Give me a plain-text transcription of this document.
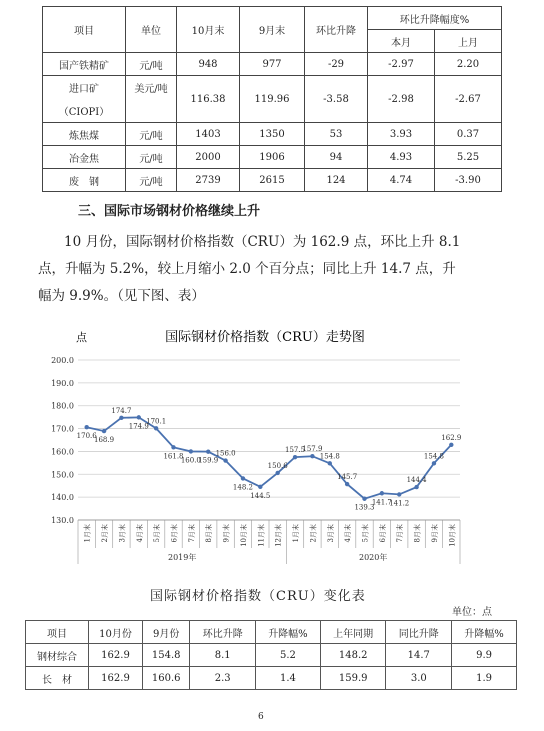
项目	单位	10月末	9月末	环比升降	环比升降幅度%	
					本月	上月
国产铁精矿	元/吨	948	977	-29	-2.97	2.20

进口矿
（CIOPI）	美元/吨	116.38	119.96	-3.58	-2.98	-2.67
炼焦煤	元/吨	1403	1350	53	3.93	0.37
冶金焦	元/吨	2000	1906	94	4.93	5.25
废　钢	元/吨	2739	2615	124	4.74	-3.90
三、国际市场钢材价格继续上升

10 月份，国际钢材价格指数（CRU）为 162.9 点，环比上升 8.1

点，升幅为 5.2%，较上月缩小 2.0 个百分点；同比上升 14.7 点，升

幅为 9.9%。（见下图、表）

国际钢材价格指数（CRU）走势图
点
200.0
190.0
180.0
170.0
160.0
150.0
140.0
130.0
1月末 2月末 3月末 4月末 5月末 6月末 7月末 8月末 9月末 10月末 11月末 12月末 1月末 2月末 3月末 4月末 5月末 6月末 7月末 8月末 9月末 10月末
2019年	2020年
170.6
168.9
174.7
174.9
170.1
161.8
160.0
159.9
156.0
148.2
144.5
150.6
157.5
157.9
154.8
145.7
139.3
141.7
141.2
144.4
154.8
162.9
国际钢材价格指数（CRU）变化表
单位：点
项目	10月份	9月份	环比升降	升降幅%	上年同期	同比升降	升降幅%
钢材综合	162.9	154.8	8.1	5.2	148.2	14.7	9.9
长　材	162.9	160.6	2.3	1.4	159.9	3.0	1.9
6
